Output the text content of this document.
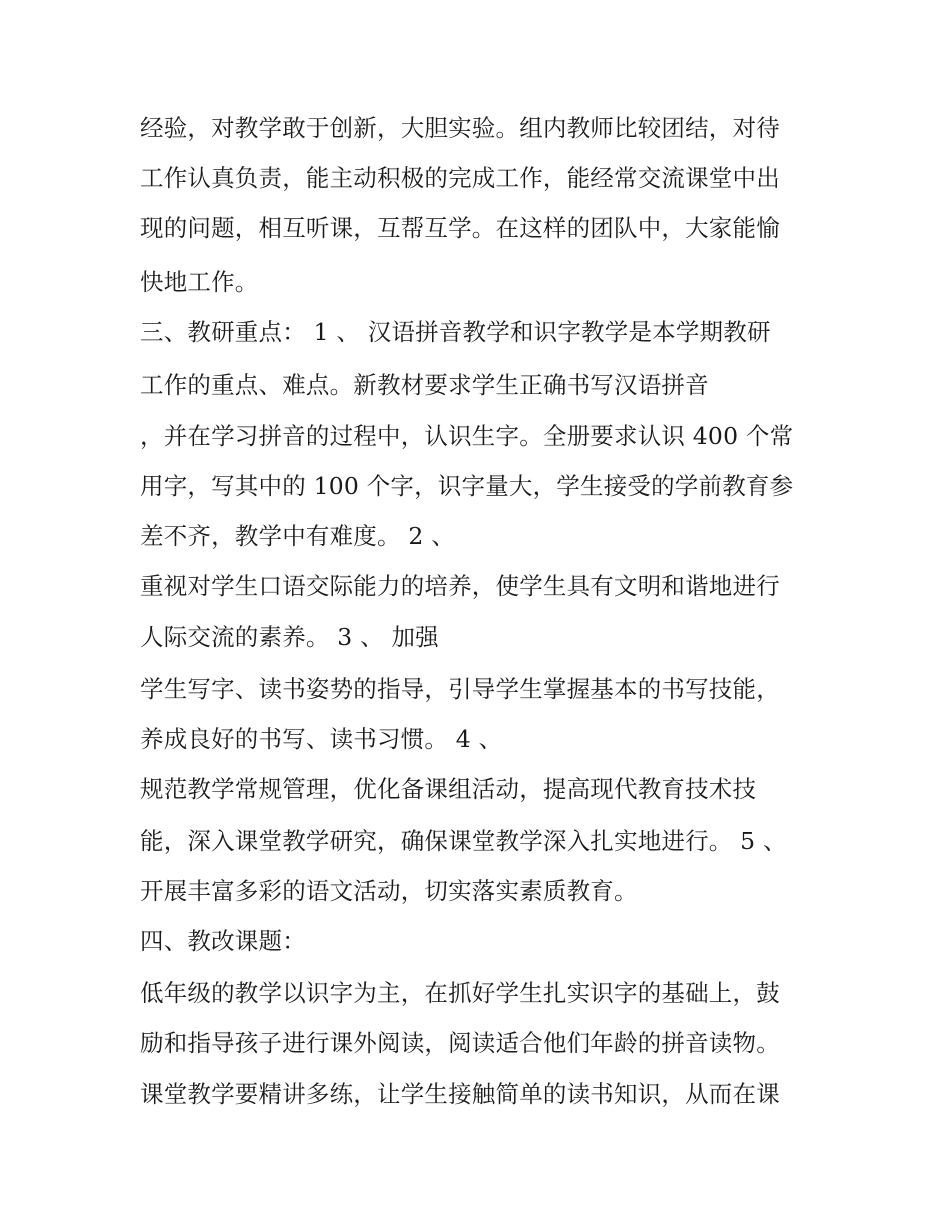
经验，对教学敢于创新，大胆实验。组内教师比较团结，对待
工作认真负责，能主动积极的完成工作，能经常交流课堂中出
现的问题，相互听课，互帮互学。在这样的团队中，大家能愉
快地工作。
三、教研重点： 1 、 汉语拼音教学和识字教学是本学期教研
工作的重点、难点。新教材要求学生正确书写汉语拼音
，并在学习拼音的过程中，认识生字。全册要求认识 400 个常
用字，写其中的 100 个字，识字量大，学生接受的学前教育参
差不齐，教学中有难度。 2 、
重视对学生口语交际能力的培养，使学生具有文明和谐地进行
人际交流的素养。 3 、 加强
学生写字、读书姿势的指导，引导学生掌握基本的书写技能，
养成良好的书写、读书习惯。 4 、
规范教学常规管理，优化备课组活动，提高现代教育技术技
能，深入课堂教学研究，确保课堂教学深入扎实地进行。 5 、
开展丰富多彩的语文活动，切实落实素质教育。
四、教改课题：
低年级的教学以识字为主，在抓好学生扎实识字的基础上，鼓
励和指导孩子进行课外阅读，阅读适合他们年龄的拼音读物。
课堂教学要精讲多练，让学生接触简单的读书知识，从而在课
